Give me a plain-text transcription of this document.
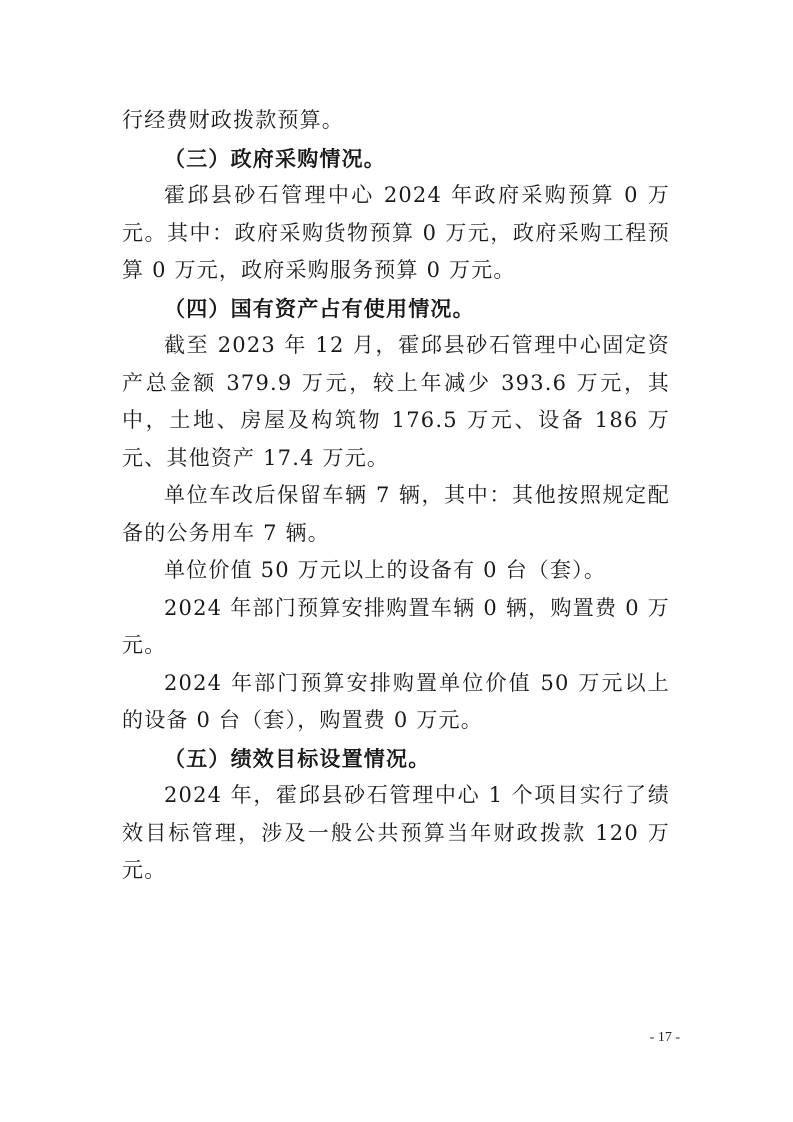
行经费财政拨款预算。

（三）政府采购情况。

霍邱县砂石管理中心 2024 年政府采购预算 0 万元。其中：政府采购货物预算 0 万元，政府采购工程预算 0 万元，政府采购服务预算 0 万元。

（四）国有资产占有使用情况。

截至 2023 年 12 月，霍邱县砂石管理中心固定资产总金额 379.9 万元，较上年减少 393.6 万元，其中，土地、房屋及构筑物 176.5 万元、设备 186 万元、其他资产 17.4 万元。

单位车改后保留车辆 7 辆，其中：其他按照规定配备的公务用车 7 辆。

单位价值 50 万元以上的设备有 0 台（套）。

2024 年部门预算安排购置车辆 0 辆，购置费 0 万元。

2024 年部门预算安排购置单位价值 50 万元以上的设备 0 台（套），购置费 0 万元。

（五）绩效目标设置情况。

2024 年，霍邱县砂石管理中心 1 个项目实行了绩效目标管理，涉及一般公共预算当年财政拨款 120 万元。

- 17 -
